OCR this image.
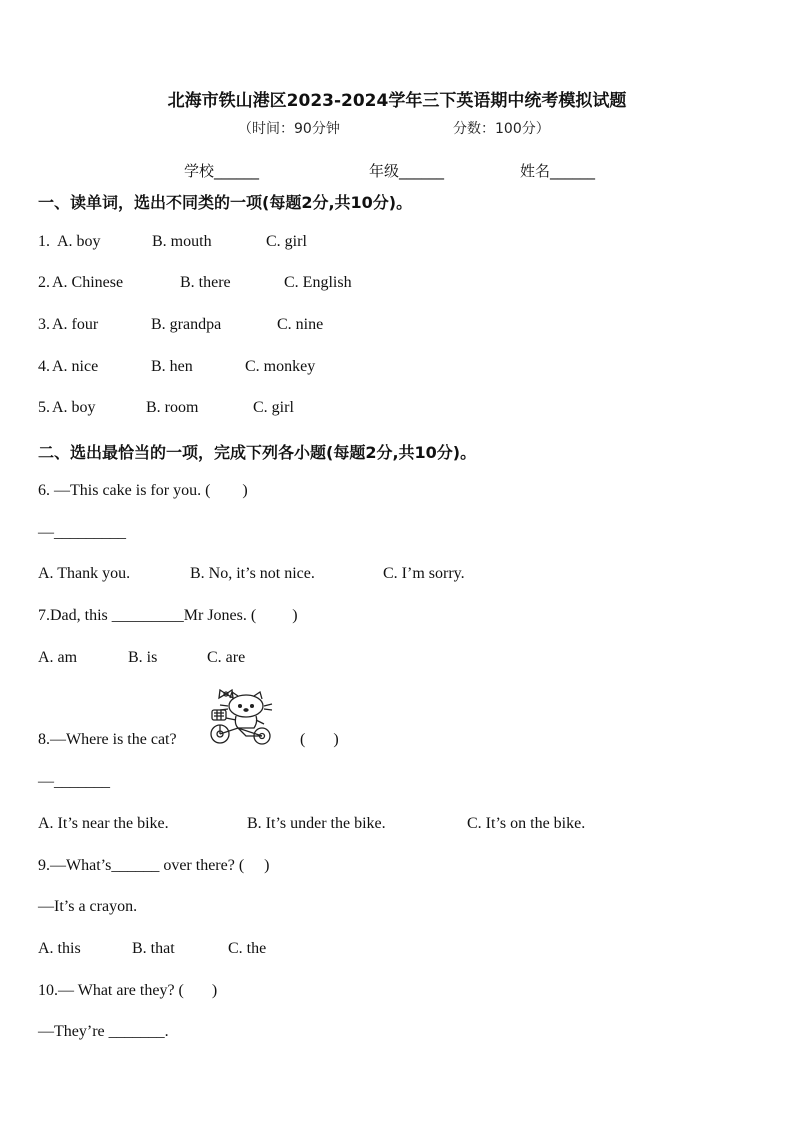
北海市铁山港区2023-2024学年三下英语期中统考模拟试题
（时间：90分钟	分数：100分）
学校______	年级______	姓名______
一、读单词，选出不同类的一项(每题2分,共10分)。
1. A. boy	B. mouth	C. girl
2. A. Chinese	B. there	C. English
3. A. four	B. grandpa	C. nine
4. A. nice	B. hen	C. monkey
5. A. boy	B. room	C. girl
二、选出最恰当的一项，完成下列各小题(每题2分,共10分)。
6. —This cake is for you. (        )
—_________
A. Thank you.	B. No, it’s not nice.	C. I’m sorry.
7.Dad, this _________Mr Jones. (         )
A. am	B. is	C. are
8.—Where is the cat?	(       )
—_______
A. It’s near the bike.	B. It’s under the bike.	C. It’s on the bike.
9.—What’s______ over there? (     )
—It’s a crayon.
A. this	B. that	C. the
10.— What are they? (       )
—They’re _______.
